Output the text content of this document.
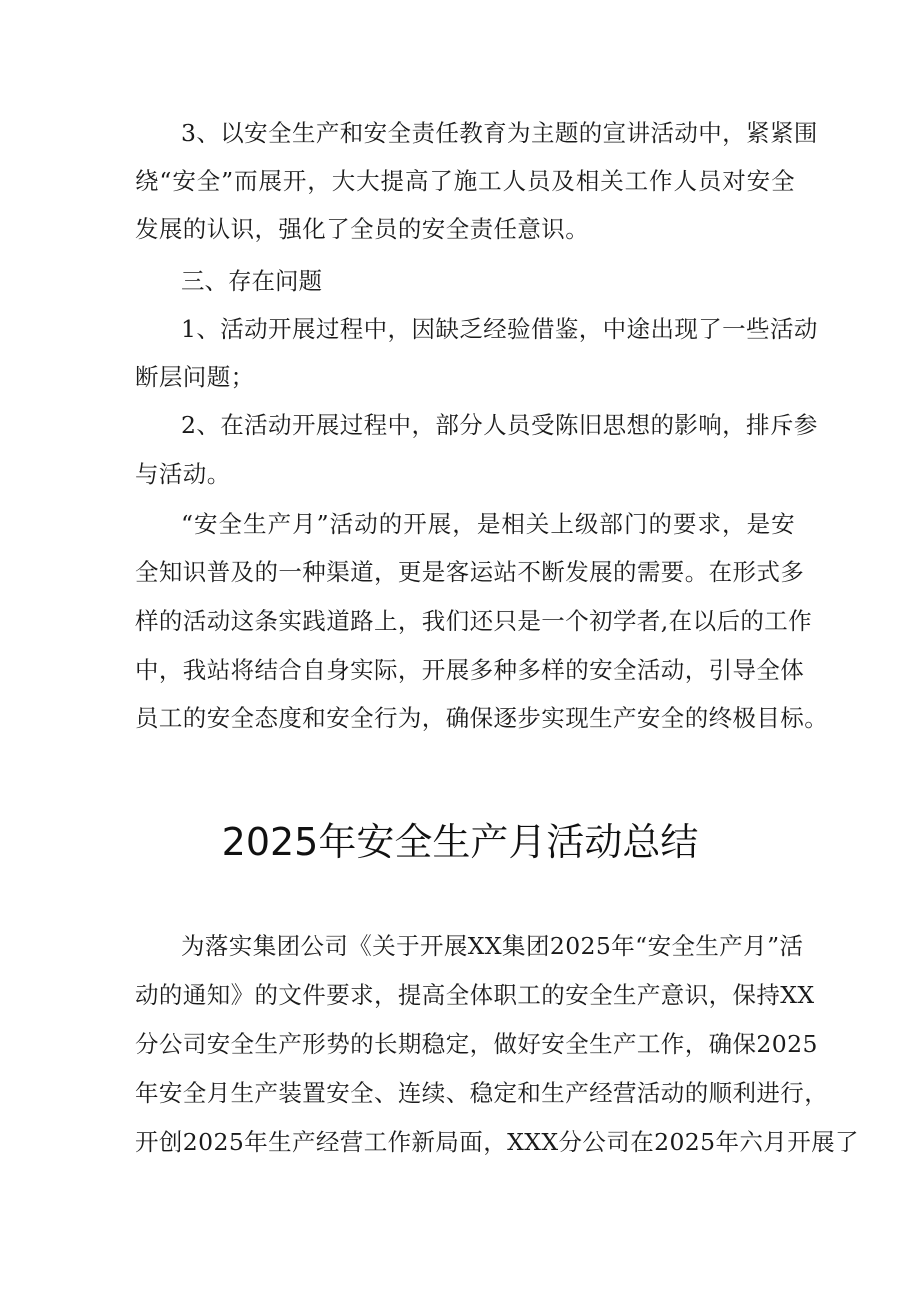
3、以安全生产和安全责任教育为主题的宣讲活动中，紧紧围
绕“安全”而展开，大大提高了施工人员及相关工作人员对安全
发展的认识，强化了全员的安全责任意识。
三、存在问题
1、活动开展过程中，因缺乏经验借鉴，中途出现了一些活动
断层问题；
2、在活动开展过程中，部分人员受陈旧思想的影响，排斥参
与活动。
“安全生产月”活动的开展，是相关上级部门的要求，是安
全知识普及的一种渠道，更是客运站不断发展的需要。在形式多
样的活动这条实践道路上，我们还只是一个初学者,在以后的工作
中，我站将结合自身实际，开展多种多样的安全活动，引导全体
员工的安全态度和安全行为，确保逐步实现生产安全的终极目标。
2025年安全生产月活动总结
为落实集团公司《关于开展XX集团2025年“安全生产月”活
动的通知》的文件要求，提高全体职工的安全生产意识，保持XX
分公司安全生产形势的长期稳定，做好安全生产工作，确保2025
年安全月生产装置安全、连续、稳定和生产经营活动的顺利进行，
开创2025年生产经营工作新局面，XXX分公司在2025年六月开展了
